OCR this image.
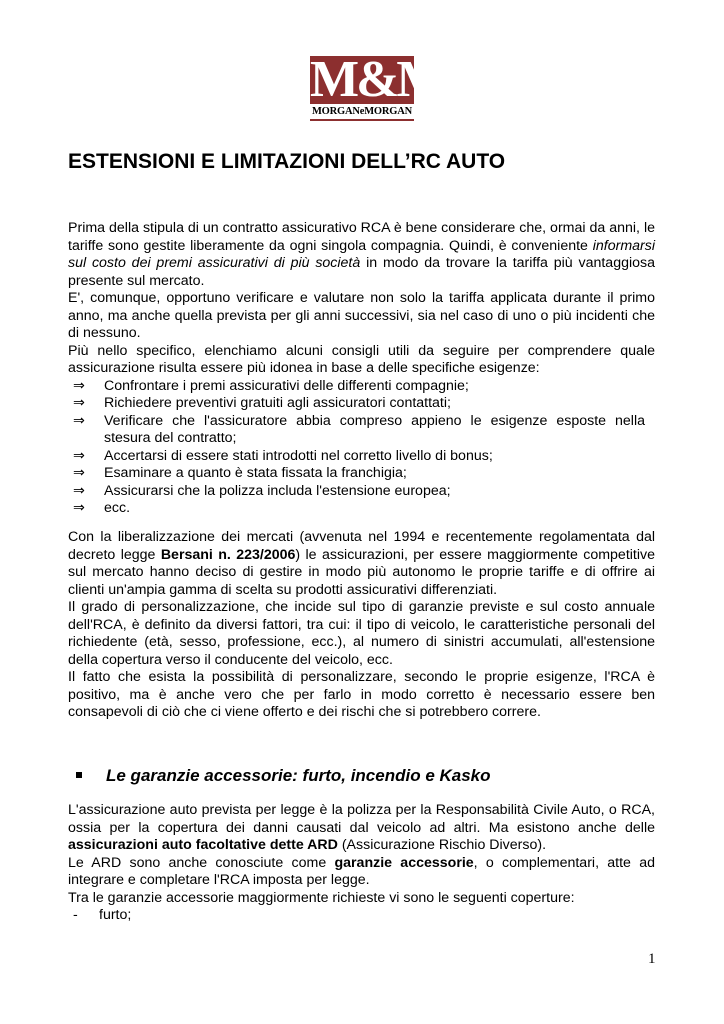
M&M
MORGANeMORGAN
ESTENSIONI E LIMITAZIONI DELL’RC AUTO

Prima della stipula di un contratto assicurativo RCA è bene considerare che, ormai da anni, le tariffe sono gestite liberamente da ogni singola compagnia. Quindi, è conveniente informarsi sul costo dei premi assicurativi di più società in modo da trovare la tariffa più vantaggiosa presente sul mercato.

E', comunque, opportuno verificare e valutare non solo la tariffa applicata durante il primo anno, ma anche quella prevista per gli anni successivi, sia nel caso di uno o più incidenti che di nessuno.

Più nello specifico, elenchiamo alcuni consigli utili da seguire per comprendere quale assicurazione risulta essere più idonea in base a delle specifiche esigenze:

⇒ Confrontare i premi assicurativi delle differenti compagnie;
⇒ Richiedere preventivi gratuiti agli assicuratori contattati;
⇒ Verificare che l'assicuratore abbia compreso appieno le esigenze esposte nella
stesura del contratto;
⇒ Accertarsi di essere stati introdotti nel corretto livello di bonus;
⇒ Esaminare a quanto è stata fissata la franchigia;
⇒ Assicurarsi che la polizza includa l'estensione europea;
⇒ ecc.

Con la liberalizzazione dei mercati (avvenuta nel 1994 e recentemente regolamentata dal decreto legge Bersani n. 223/2006) le assicurazioni, per essere maggiormente competitive sul mercato hanno deciso di gestire in modo più autonomo le proprie tariffe e di offrire ai clienti un'ampia gamma di scelta su prodotti assicurativi differenziati.

Il grado di personalizzazione, che incide sul tipo di garanzie previste e sul costo annuale dell'RCA, è definito da diversi fattori, tra cui: il tipo di veicolo, le caratteristiche personali del richiedente (età, sesso, professione, ecc.), al numero di sinistri accumulati, all'estensione della copertura verso il conducente del veicolo, ecc.

Il fatto che esista la possibilità di personalizzare, secondo le proprie esigenze, l'RCA è positivo, ma è anche vero che per farlo in modo corretto è necessario essere ben consapevoli di ciò che ci viene offerto e dei rischi che si potrebbero correre.

Le garanzie accessorie: furto, incendio e Kasko

L'assicurazione auto prevista per legge è la polizza per la Responsabilità Civile Auto, o RCA, ossia per la copertura dei danni causati dal veicolo ad altri. Ma esistono anche delle assicurazioni auto facoltative dette ARD (Assicurazione Rischio Diverso).

Le ARD sono anche conosciute come garanzie accessorie, o complementari, atte ad integrare e completare l'RCA imposta per legge.

Tra le garanzie accessorie maggiormente richieste vi sono le seguenti coperture:

- furto;
1
